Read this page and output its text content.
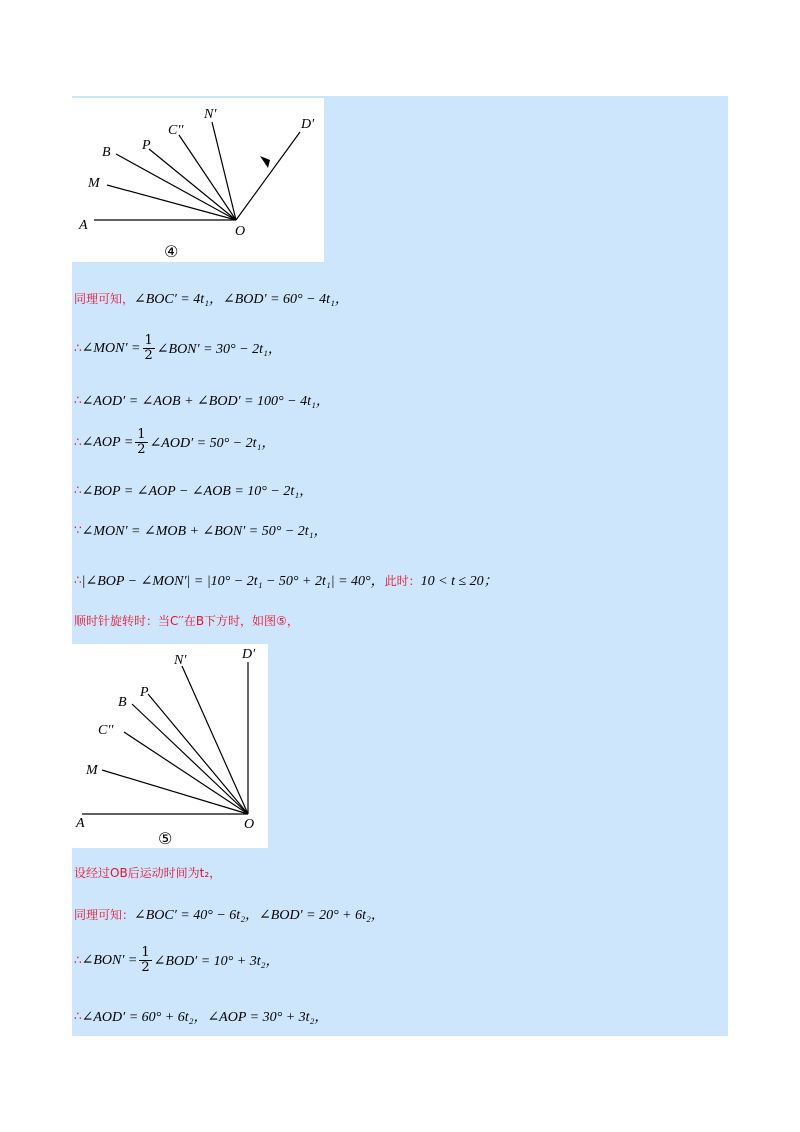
A
M
B P
C′′
N′
D′
O
④
同理可知， ∠BOC′ = 4t₁，∠BOD′ = 60° − 4t₁，
∴ ∠MON′ = $\frac{1}{2}$ ∠BON′ = 30° − 2t₁，
∴ ∠AOD′ = ∠AOB + ∠BOD′ = 100° − 4t₁，
∴ ∠AOP = $\frac{1}{2}$ ∠AOD′ = 50° − 2t₁，
∴ ∠BOP = ∠AOP − ∠AOB = 10° − 2t₁，
∵ ∠MON′ = ∠MOB + ∠BON′ = 50° − 2t₁，
∴ |∠BOP − ∠MON′| = |10° − 2t₁ − 50° + 2t₁| = 40°， 此时： 10 < t ≤ 20；
顺时针旋转时：当C′′在B下方时，如图⑤，
A
M
C′′
B
P
N′	D′
O
⑤
设经过OB后运动时间为t₂，
同理可知： ∠BOC′ = 40° − 6t₂，∠BOD′ = 20° + 6t₂，
∴ ∠BON′ = $\frac{1}{2}$ ∠BOD′ = 10° + 3t₂，
∴ ∠AOD′ = 60° + 6t₂，∠AOP = 30° + 3t₂，
